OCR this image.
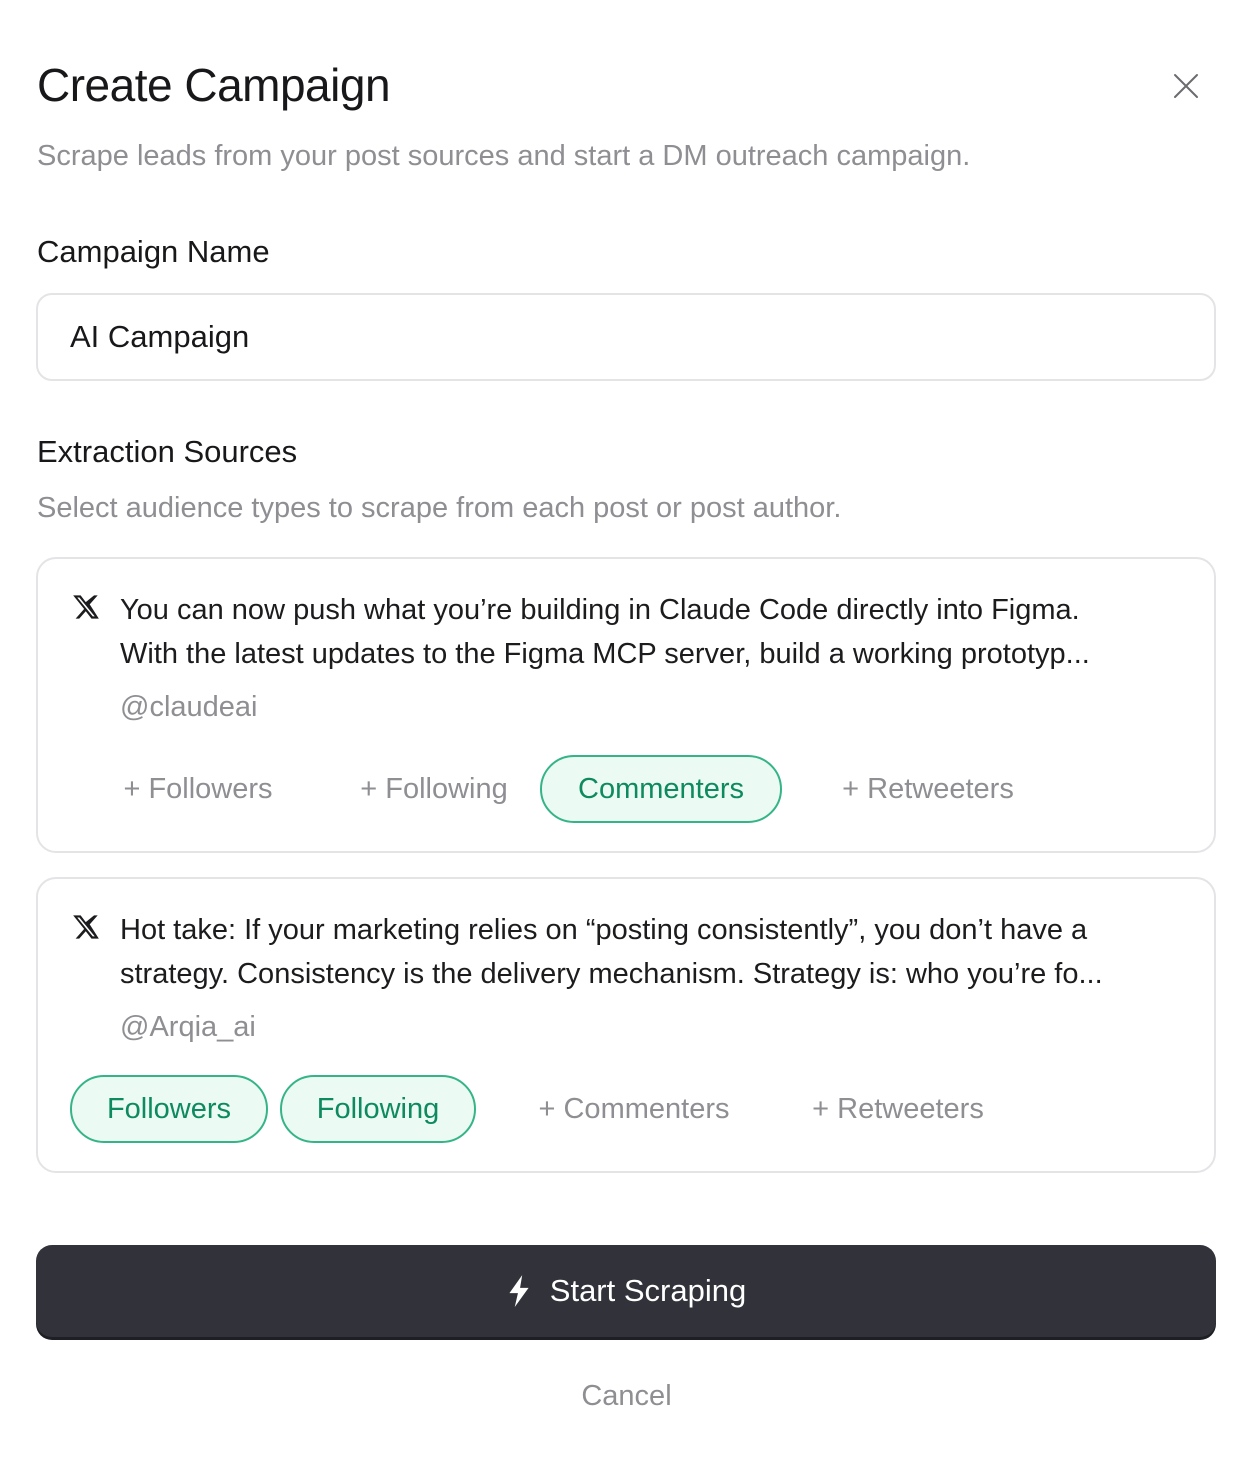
Create Campaign

Scrape leads from your post sources and start a DM outreach campaign.

Campaign Name
AI Campaign
Extraction Sources

Select audience types to scrape from each post or post author.

You can now push what you’re building in Claude Code directly into Figma.
With the latest updates to the Figma MCP server, build a working prototyp...
@claudeai
+ Followers	+ Following	Commenters	+ Retweeters
Hot take: If your marketing relies on “posting consistently”, you don’t have a
strategy. Consistency is the delivery mechanism. Strategy is: who you’re fo...
@Arqia_ai
Followers	Following	+ Commenters	+ Retweeters
Start Scraping
Cancel
